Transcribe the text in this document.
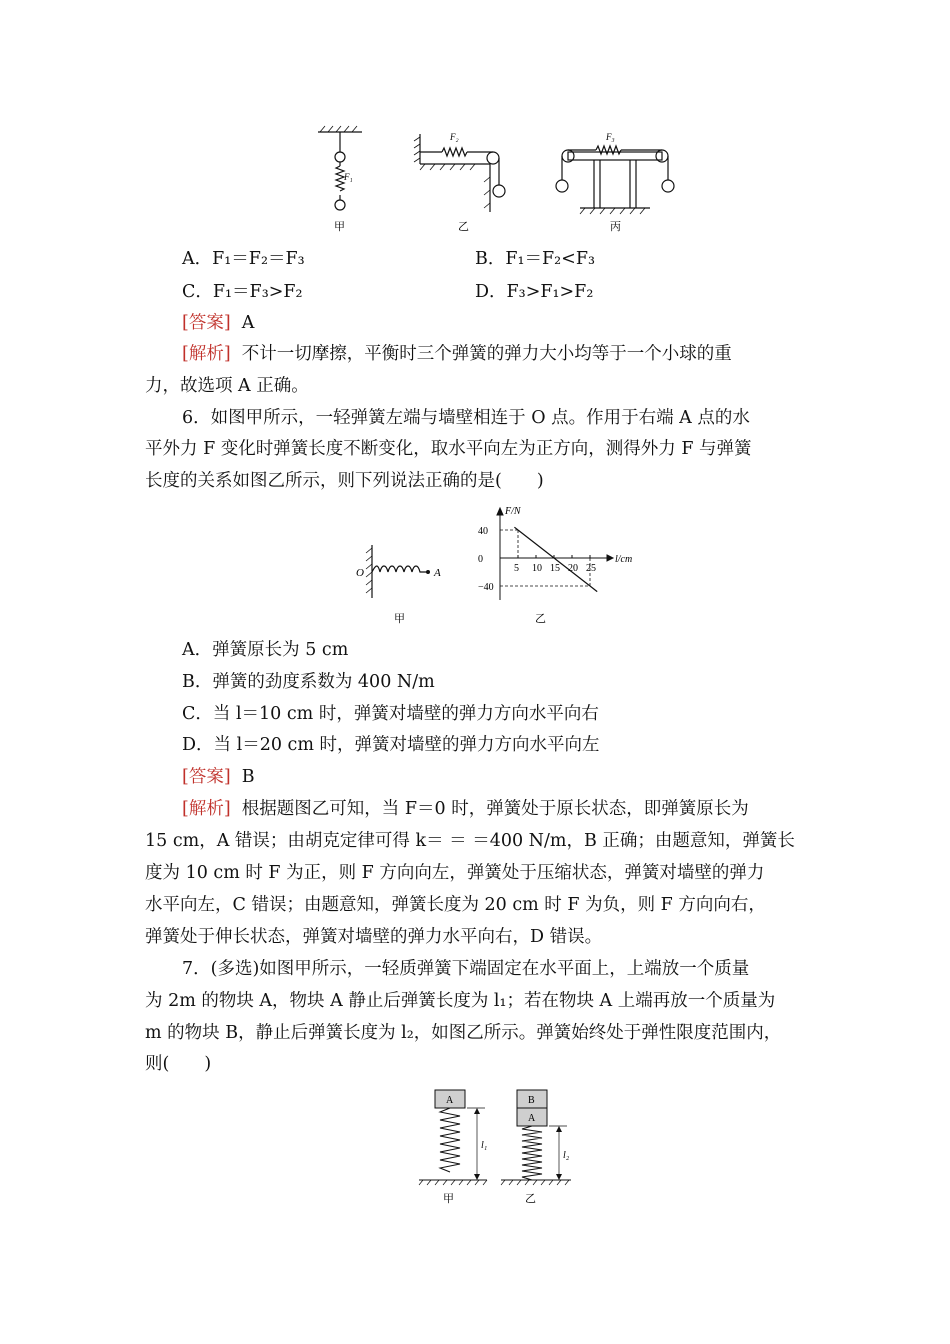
F₁
F₂	F₃
甲	乙	丙
A．F₁＝F₂＝F₃	B．F₁＝F₂<F₃
C．F₁＝F₃>F₂	D．F₃>F₁>F₂
[答案] A
[解析] 不计一切摩擦，平衡时三个弹簧的弹力大小均等于一个小球的重
力，故选项 A 正确。
6．如图甲所示，一轻弹簧左端与墙壁相连于 O 点。作用于右端 A 点的水
平外力 F 变化时弹簧长度不断变化，取水平向左为正方向，测得外力 F 与弹簧
长度的关系如图乙所示，则下列说法正确的是(　　)
O	A
甲
5 10 15 20 25
40
0
−40
F/N
l/cm
乙
A．弹簧原长为 5 cm
B．弹簧的劲度系数为 400 N/m
C．当 l＝10 cm 时，弹簧对墙壁的弹力方向水平向右
D．当 l＝20 cm 时，弹簧对墙壁的弹力方向水平向左
[答案] B
[解析] 根据题图乙可知，当 F＝0 时，弹簧处于原长状态，即弹簧原长为
15 cm，A 错误；由胡克定律可得 k＝ ＝ ＝400 N/m，B 正确；由题意知，弹簧长
度为 10 cm 时 F 为正，则 F 方向向左，弹簧处于压缩状态，弹簧对墙壁的弹力
水平向左，C 错误；由题意知，弹簧长度为 20 cm 时 F 为负，则 F 方向向右，
弹簧处于伸长状态，弹簧对墙壁的弹力水平向右，D 错误。
7．(多选)如图甲所示，一轻质弹簧下端固定在水平面上，上端放一个质量
为 2m 的物块 A，物块 A 静止后弹簧长度为 l₁；若在物块 A 上端再放一个质量为
m 的物块 B，静止后弹簧长度为 l₂，如图乙所示。弹簧始终处于弹性限度范围内，
则(　　)
A	B
A
l₁
l₂
甲	乙
